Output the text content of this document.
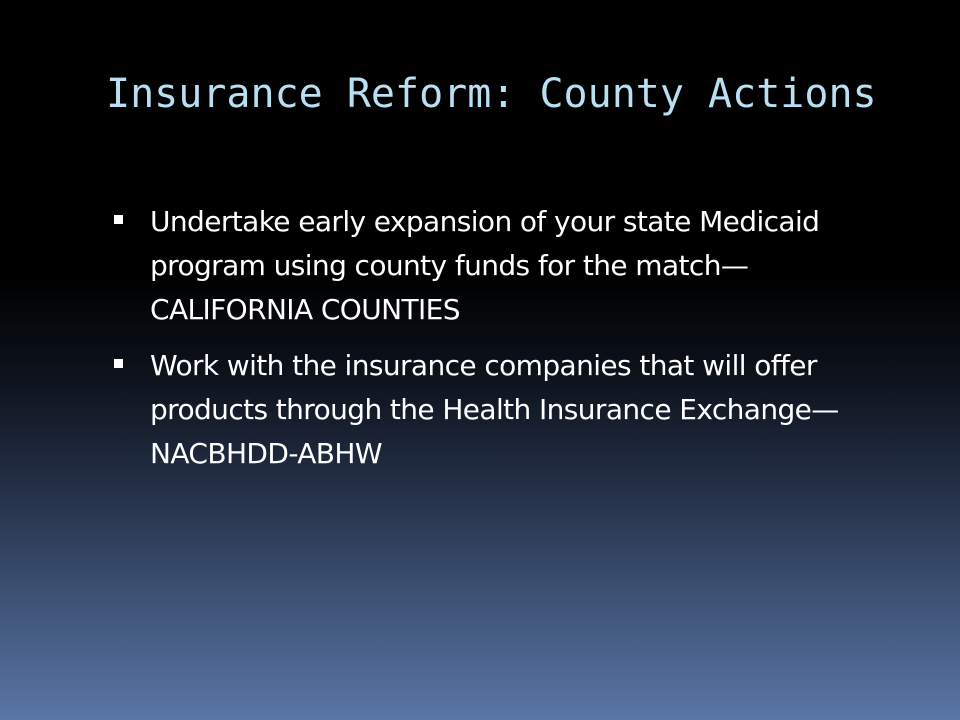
Insurance Reform: County Actions
Undertake early expansion of your state Medicaid program using county funds for the match—CALIFORNIA COUNTIES
Work with the insurance companies that will offer products through the Health Insurance Exchange—NACBHDD-ABHW
